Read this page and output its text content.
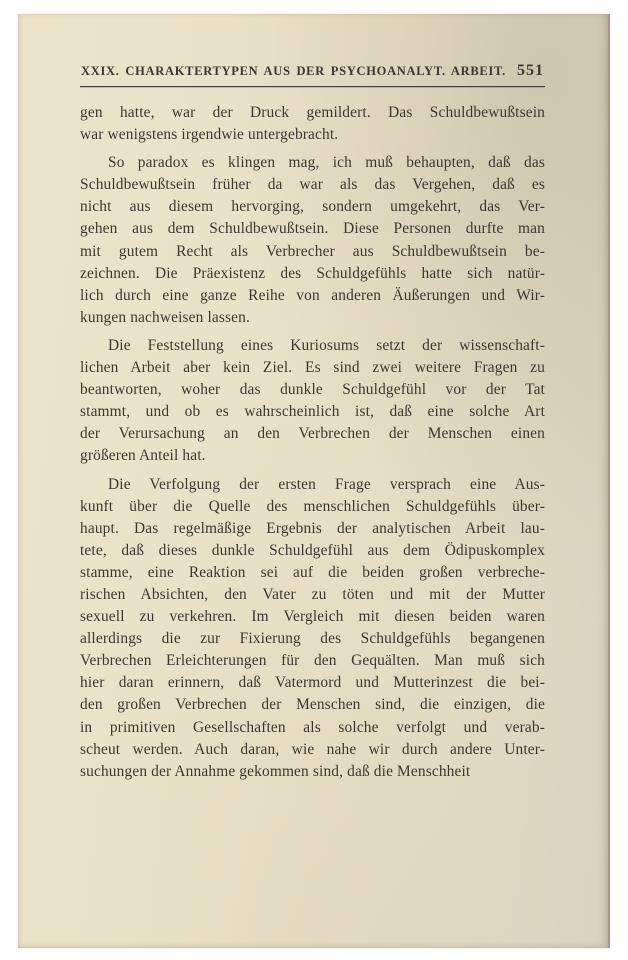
XXIX. CHARAKTERTYPEN AUS DER PSYCHOANALYT. ARBEIT. 551
gen hatte, war der Druck gemildert. Das Schuldbewußtsein
war wenigstens irgendwie untergebracht.
So paradox es klingen mag, ich muß behaupten, daß das
Schuldbewußtsein früher da war als das Vergehen, daß es
nicht aus diesem hervorging, sondern umgekehrt, das Ver-
gehen aus dem Schuldbewußtsein. Diese Personen durfte man
mit gutem Recht als Verbrecher aus Schuldbewußtsein be-
zeichnen. Die Präexistenz des Schuldgefühls hatte sich natür-
lich durch eine ganze Reihe von anderen Äußerungen und Wir-
kungen nachweisen lassen.
Die Feststellung eines Kuriosums setzt der wissenschaft-
lichen Arbeit aber kein Ziel. Es sind zwei weitere Fragen zu
beantworten, woher das dunkle Schuldgefühl vor der Tat
stammt, und ob es wahrscheinlich ist, daß eine solche Art
der Verursachung an den Verbrechen der Menschen einen
größeren Anteil hat.
Die Verfolgung der ersten Frage versprach eine Aus-
kunft über die Quelle des menschlichen Schuldgefühls über-
haupt. Das regelmäßige Ergebnis der analytischen Arbeit lau-
tete, daß dieses dunkle Schuldgefühl aus dem Ödipuskomplex
stamme, eine Reaktion sei auf die beiden großen verbreche-
rischen Absichten, den Vater zu töten und mit der Mutter
sexuell zu verkehren. Im Vergleich mit diesen beiden waren
allerdings die zur Fixierung des Schuldgefühls begangenen
Verbrechen Erleichterungen für den Gequälten. Man muß sich
hier daran erinnern, daß Vatermord und Mutterinzest die bei-
den großen Verbrechen der Menschen sind, die einzigen, die
in primitiven Gesellschaften als solche verfolgt und verab-
scheut werden. Auch daran, wie nahe wir durch andere Unter-
suchungen der Annahme gekommen sind, daß die Menschheit
